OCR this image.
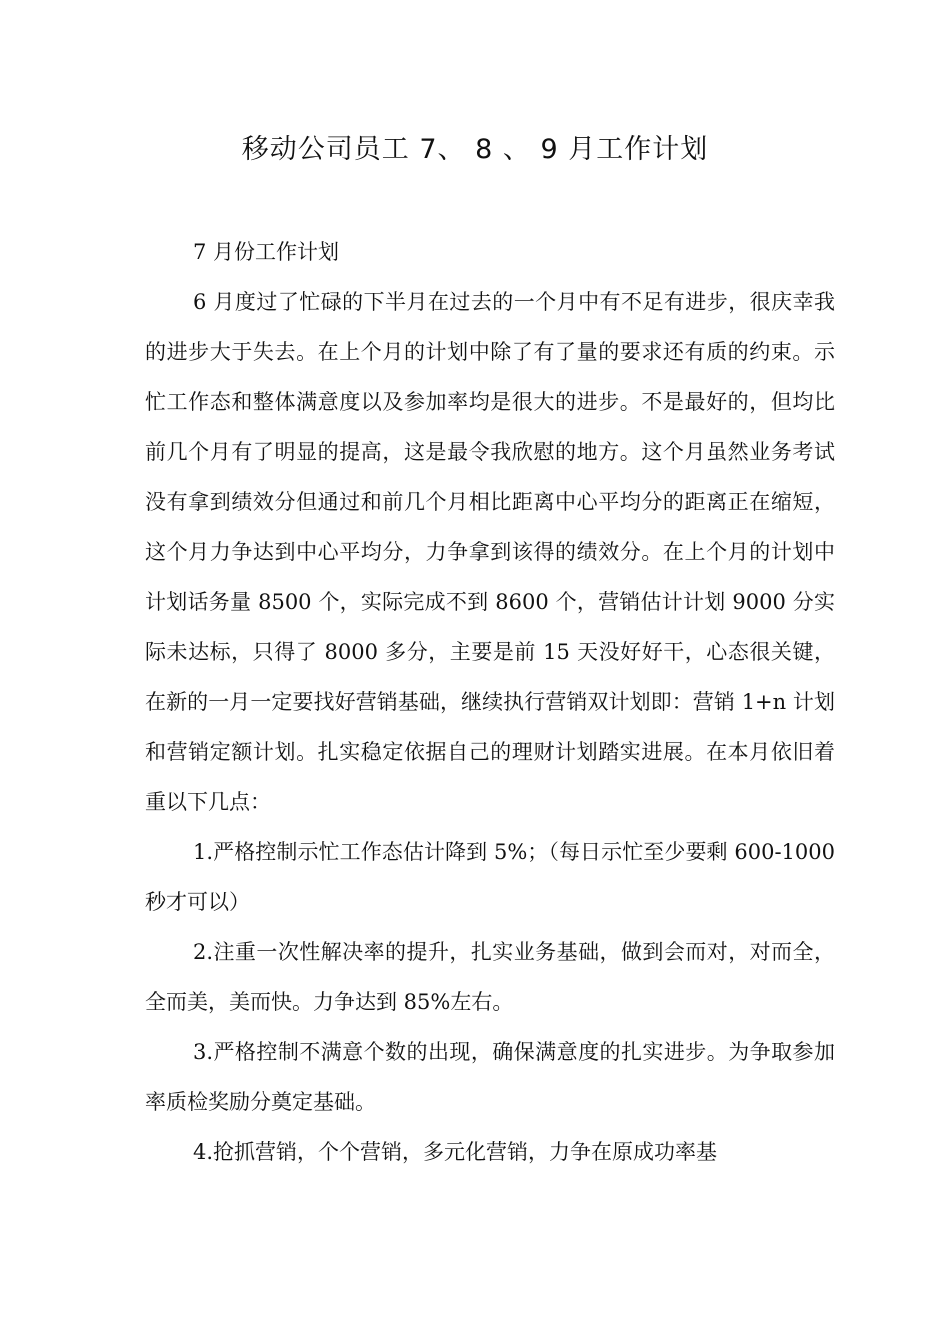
移动公司员工 7、 8 、 9 月工作计划

7 月份工作计划

6 月度过了忙碌的下半月在过去的一个月中有不足有进步，很庆幸我的进步大于失去。在上个月的计划中除了有了量的要求还有质的约束。示忙工作态和整体满意度以及参加率均是很大的进步。不是最好的，但均比前几个月有了明显的提高，这是最令我欣慰的地方。这个月虽然业务考试没有拿到绩效分但通过和前几个月相比距离中心平均分的距离正在缩短，这个月力争达到中心平均分，力争拿到该得的绩效分。在上个月的计划中计划话务量 8500 个，实际完成不到 8600 个，营销估计计划 9000 分实际未达标，只得了 8000 多分，主要是前 15 天没好好干，心态很关键，在新的一月一定要找好营销基础，继续执行营销双计划即：营销 1+n 计划和营销定额计划。扎实稳定依据自己的理财计划踏实进展。在本月依旧着重以下几点：

1.严格控制示忙工作态估计降到 5%；（每日示忙至少要剩 600-1000 秒才可以）

2.注重一次性解决率的提升，扎实业务基础，做到会而对，对而全，全而美，美而快。力争达到 85%左右。

3.严格控制不满意个数的出现，确保满意度的扎实进步。为争取参加率质检奖励分奠定基础。

4.抢抓营销，个个营销，多元化营销，力争在原成功率基
